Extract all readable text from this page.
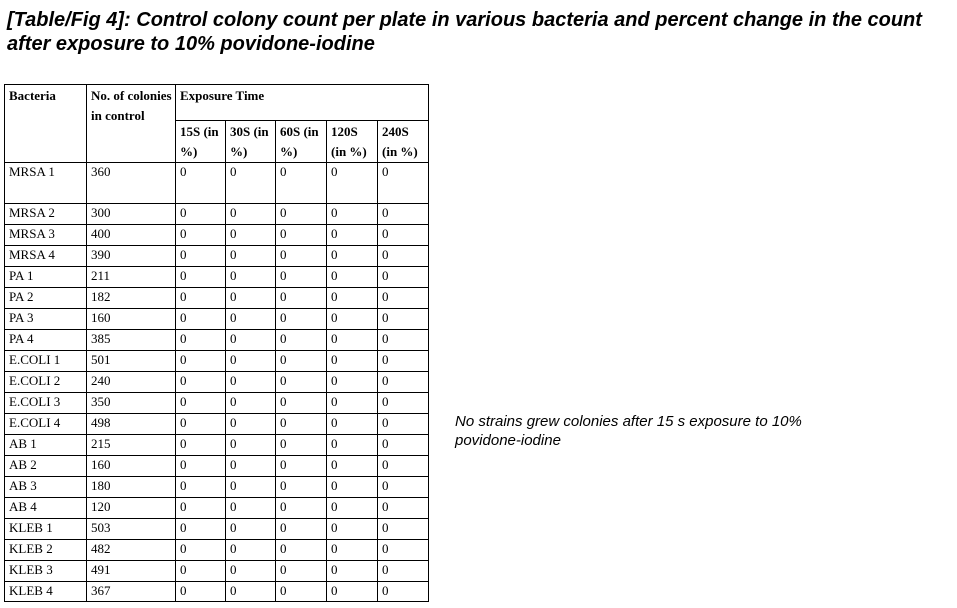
[Table/Fig 4]: Control colony count per plate in various bacteria and percent change in the count after exposure to 10% povidone-iodine
Bacteria	No. of colonies in control	Exposure Time				
		15S (in %)	30S (in %)	60S (in %)	120S (in %)	240S (in %)
MRSA 1	360	0	0	0	0	0
MRSA 2	300	0	0	0	0	0
MRSA 3	400	0	0	0	0	0
MRSA 4	390	0	0	0	0	0
PA 1	211	0	0	0	0	0
PA 2	182	0	0	0	0	0
PA 3	160	0	0	0	0	0
PA 4	385	0	0	0	0	0
E.COLI 1	501	0	0	0	0	0
E.COLI 2	240	0	0	0	0	0
E.COLI 3	350	0	0	0	0	0
E.COLI 4	498	0	0	0	0	0
AB 1	215	0	0	0	0	0
AB 2	160	0	0	0	0	0
AB 3	180	0	0	0	0	0
AB 4	120	0	0	0	0	0
KLEB 1	503	0	0	0	0	0
KLEB 2	482	0	0	0	0	0
KLEB 3	491	0	0	0	0	0
KLEB 4	367	0	0	0	0	0
No strains grew colonies after 15 s exposure to 10% povidone-iodine
